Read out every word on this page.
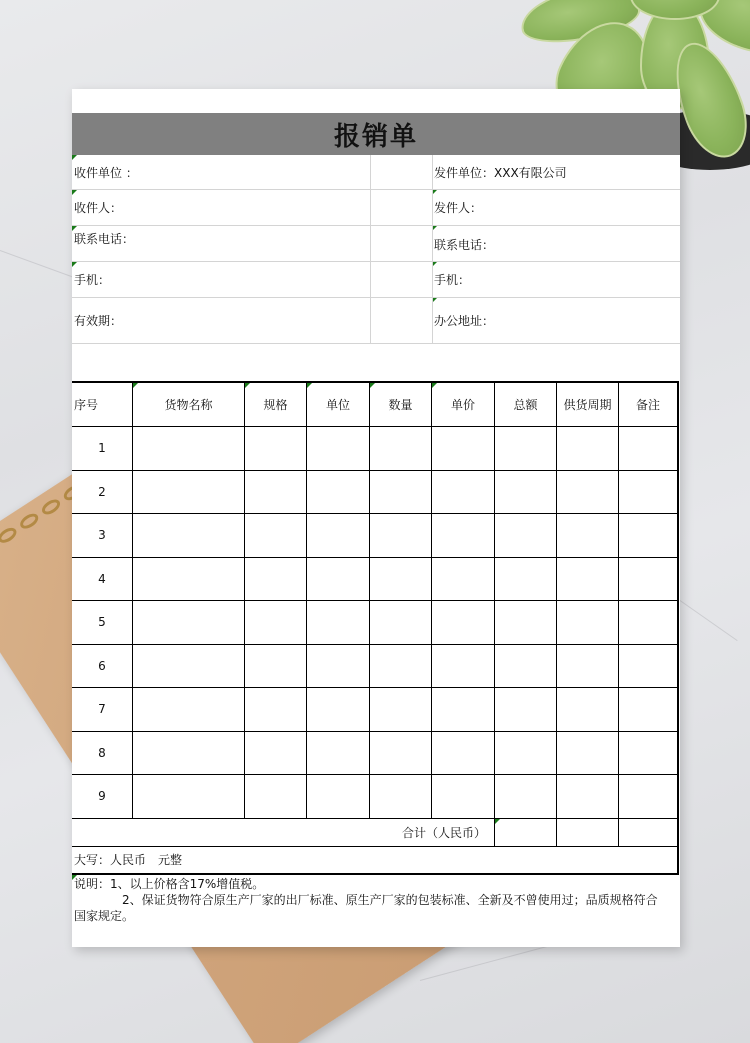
报销单
收件单位 ：	发件单位：XXX有限公司
收件人：	发件人：
联系电话：	联系电话：
手机：	手机：
有效期：	办公地址：
序号	货物名称	规格	单位	数量	单价	总额	供货周期	备注
1
2
3
4
5
6
7
8
9
合计（人民币）
大写：人民币　元整
说明：1、以上价格含17%增值税。
　　　　2、保证货物符合原生产厂家的出厂标准、原生产厂家的包装标准、全新及不曾使用过；品质规格符合
国家规定。
